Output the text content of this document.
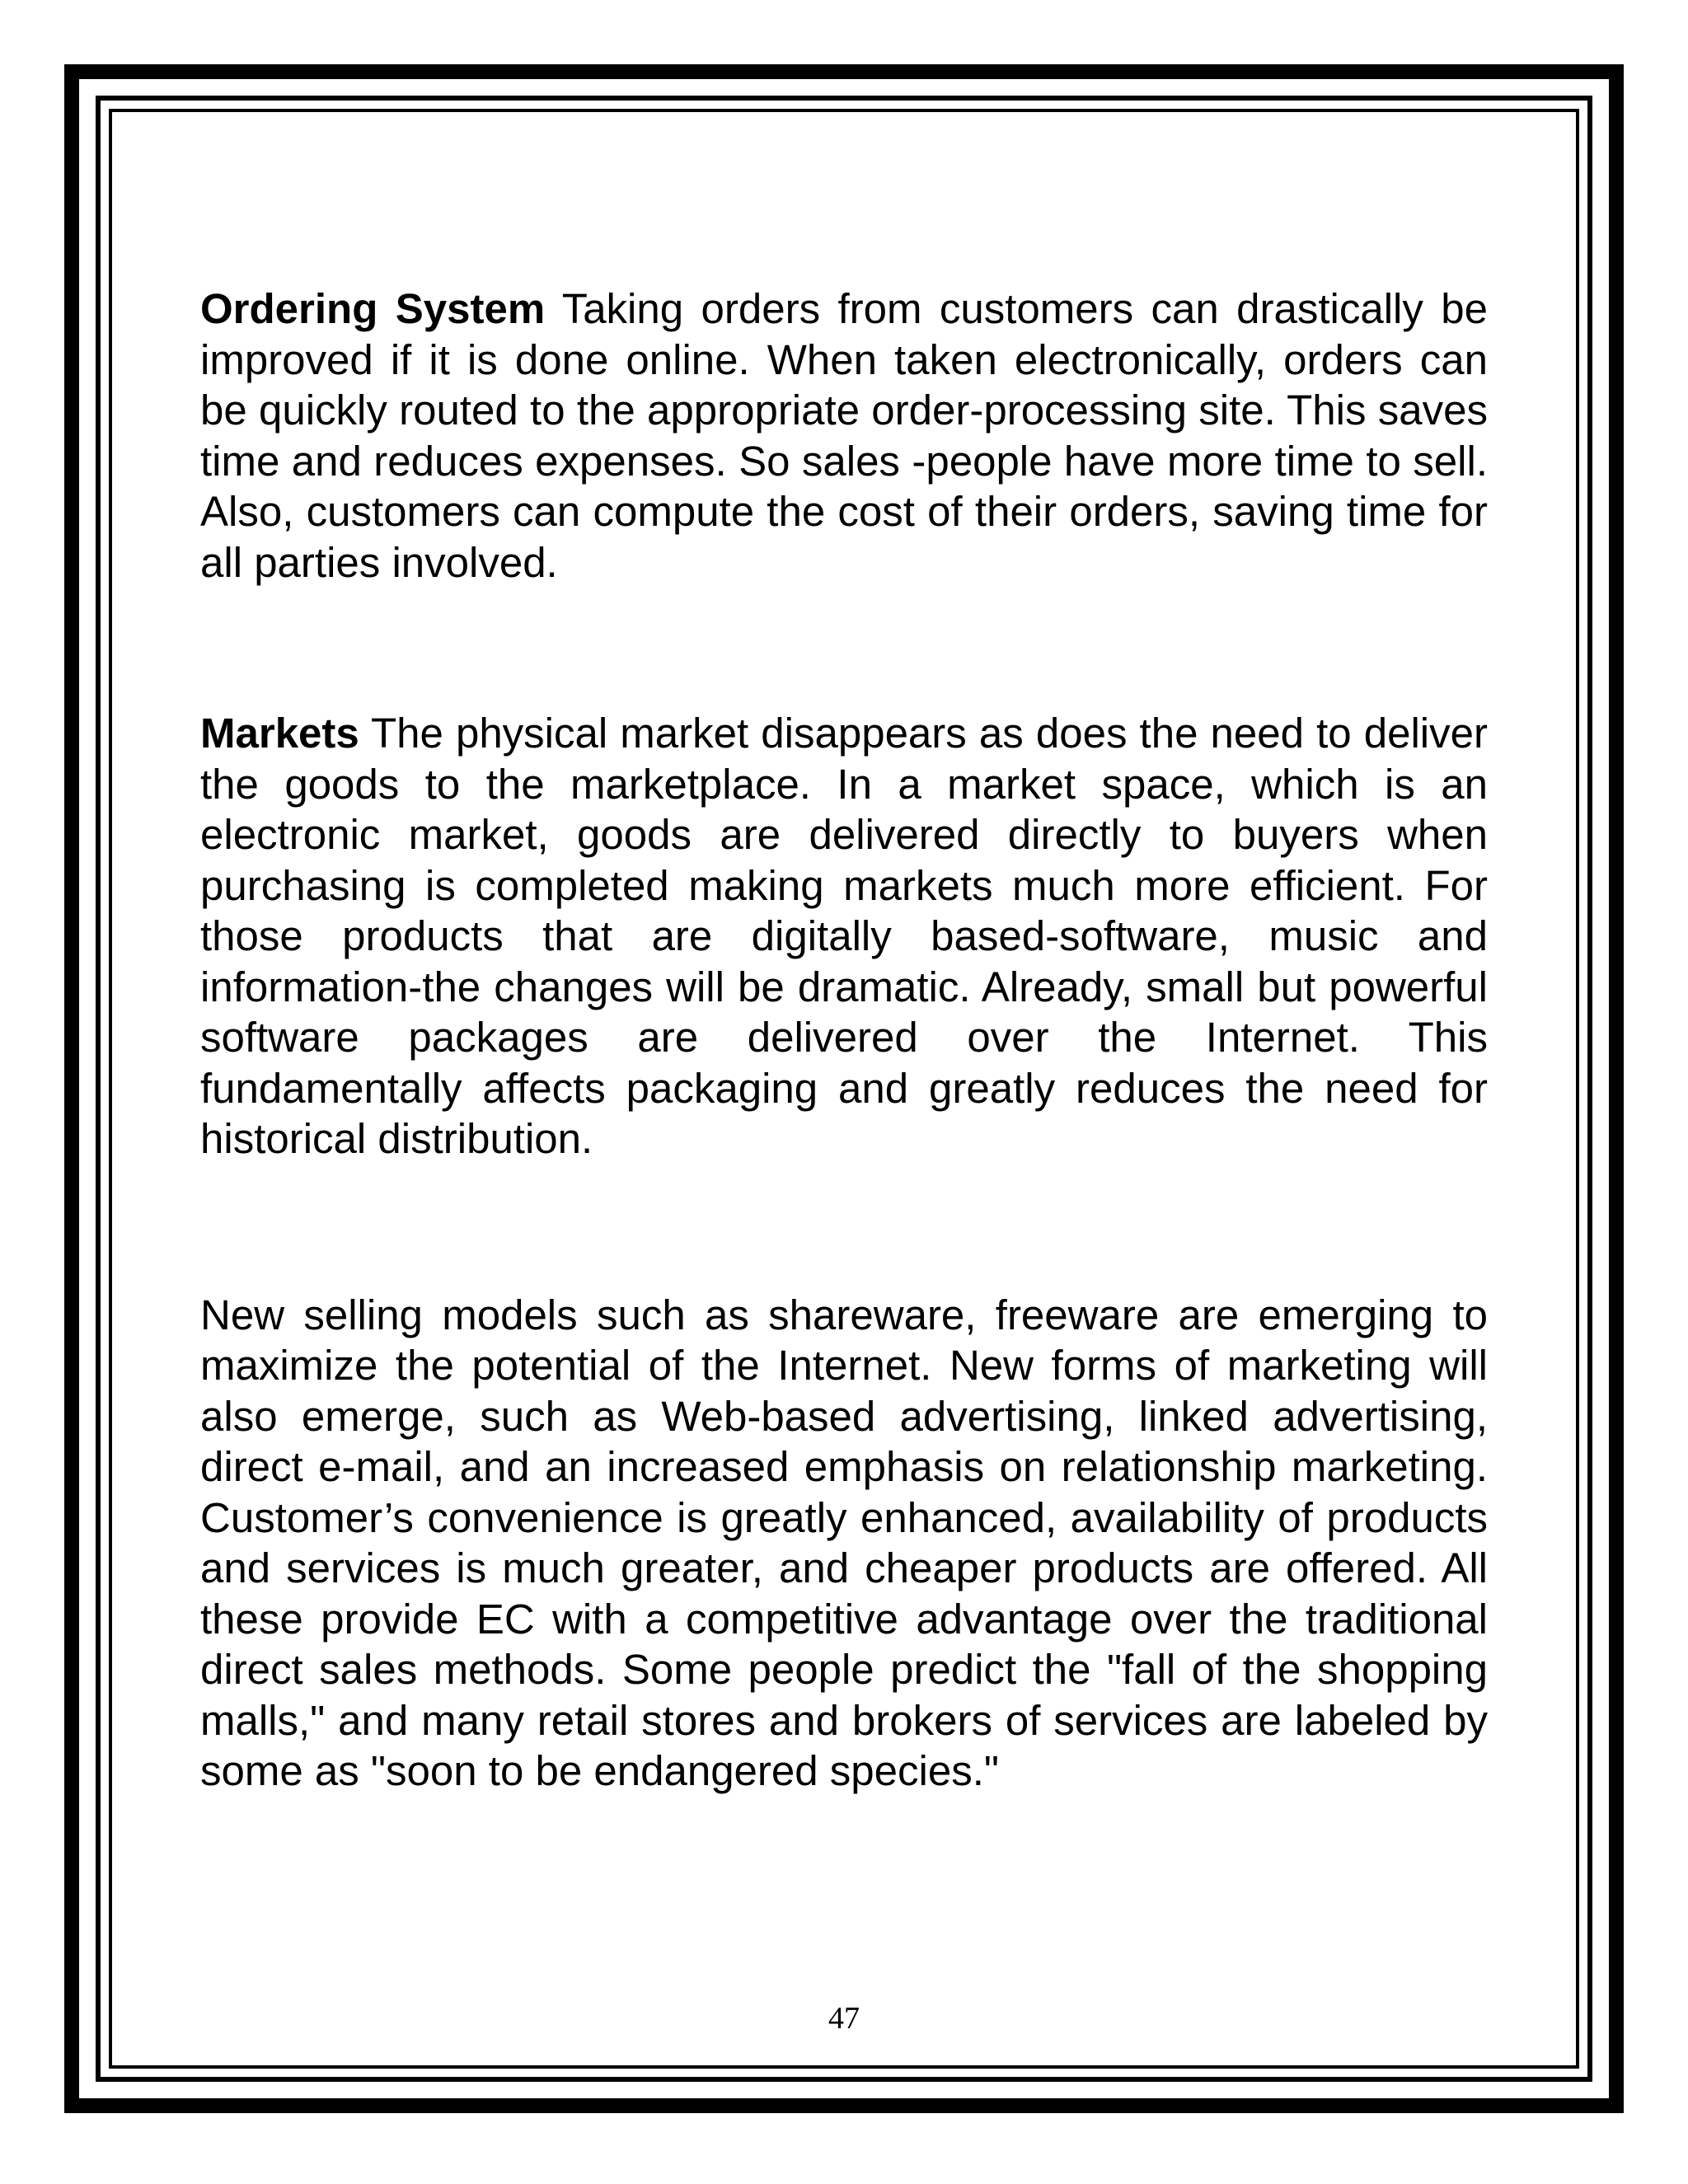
Ordering System Taking orders from customers can drastically be improved if it is done online. When taken electronically, orders can be quickly routed to the appropriate order-processing site. This saves time and reduces expenses. So sales -people have more time to sell. Also, customers can compute the cost of their orders, saving time for all parties involved.

Markets The physical market disappears as does the need to deliver the goods to the marketplace. In a market space, which is an electronic market, goods are delivered directly to buyers when purchasing is completed making markets much more efficient. For those products that are digitally based-software, music and information-the changes will be dramatic. Already, small but powerful software packages are delivered over the Internet. This fundamentally affects packaging and greatly reduces the need for historical distribution.

New selling models such as shareware, freeware are emerging to maximize the potential of the Internet. New forms of marketing will also emerge, such as Web-based advertising, linked advertising, direct e-mail, and an increased emphasis on relationship marketing. Customer’s convenience is greatly enhanced, availability of products and services is much greater, and cheaper products are offered. All these provide EC with a competitive advantage over the traditional direct sales methods. Some people predict the "fall of the shopping malls," and many retail stores and brokers of services are labeled by some as "soon to be endangered species."

47
